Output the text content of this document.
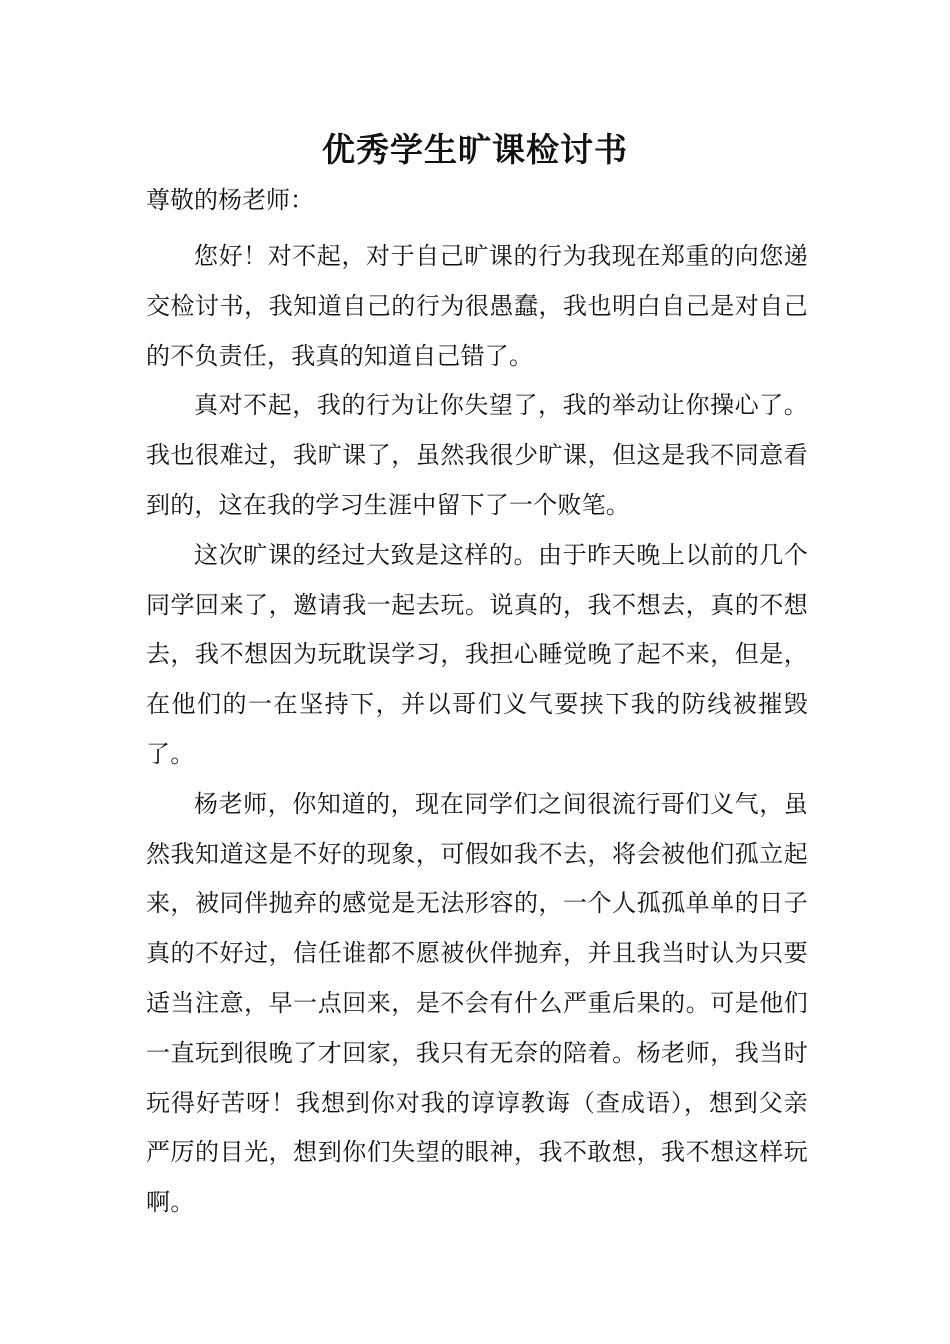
优秀学生旷课检讨书
尊敬的杨老师：

您好！对不起，对于自己旷课的行为我现在郑重的向您递交检讨书，我知道自己的行为很愚蠢，我也明白自己是对自己的不负责任，我真的知道自己错了。

真对不起，我的行为让你失望了，我的举动让你操心了。我也很难过，我旷课了，虽然我很少旷课，但这是我不同意看到的，这在我的学习生涯中留下了一个败笔。

这次旷课的经过大致是这样的。由于昨天晚上以前的几个同学回来了，邀请我一起去玩。说真的，我不想去，真的不想去，我不想因为玩耽误学习，我担心睡觉晚了起不来，但是，在他们的一在坚持下，并以哥们义气要挟下我的防线被摧毁了。

杨老师，你知道的，现在同学们之间很流行哥们义气，虽然我知道这是不好的现象，可假如我不去，将会被他们孤立起来，被同伴抛弃的感觉是无法形容的，一个人孤孤单单的日子真的不好过，信任谁都不愿被伙伴抛弃，并且我当时认为只要适当注意，早一点回来，是不会有什么严重后果的。可是他们一直玩到很晚了才回家，我只有无奈的陪着。杨老师，我当时玩得好苦呀！我想到你对我的谆谆教诲（查成语），想到父亲严厉的目光，想到你们失望的眼神，我不敢想，我不想这样玩啊。
